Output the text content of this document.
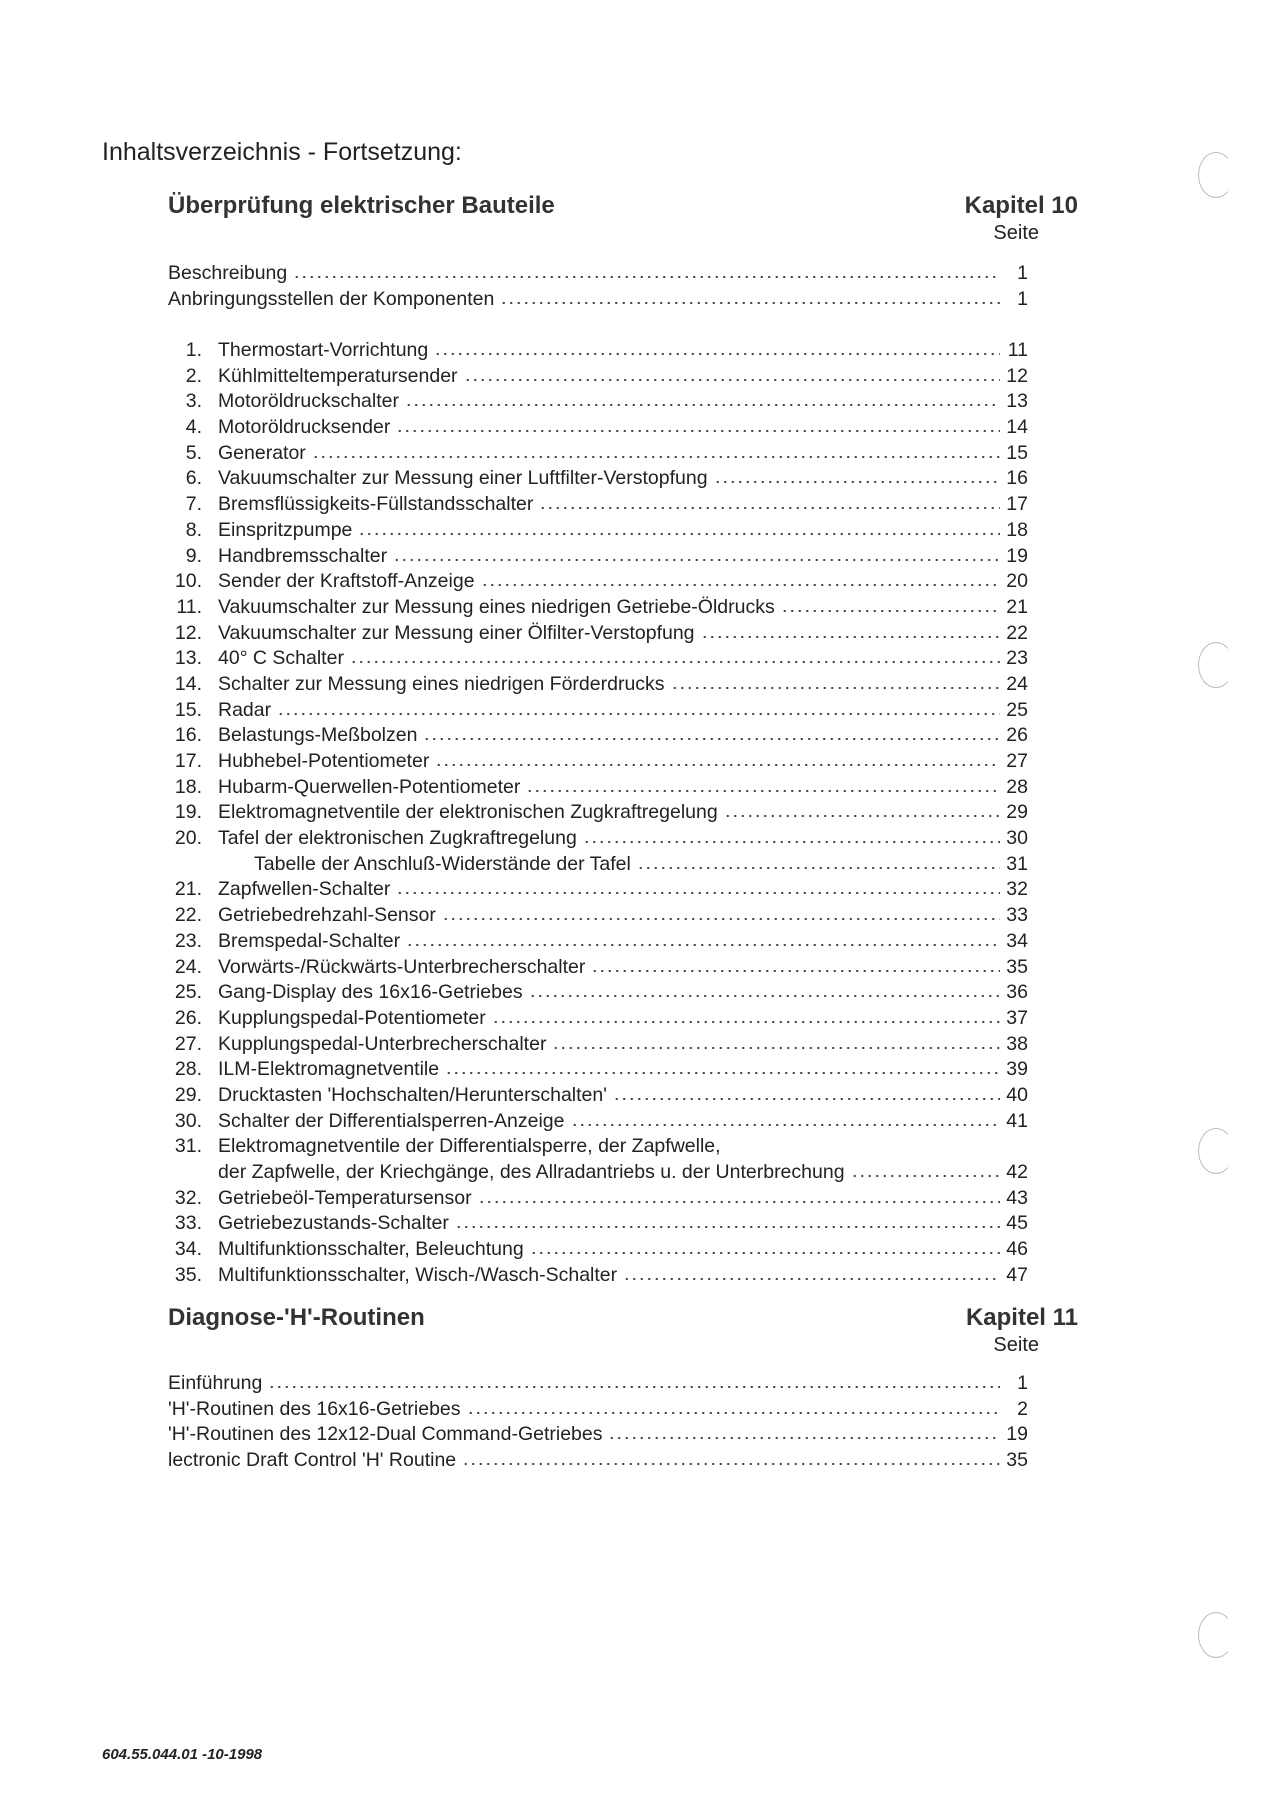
Inhaltsverzeichnis - Fortsetzung:
Überprüfung elektrischer Bauteile	Kapitel 10
Seite
Beschreibung	1
Anbringungsstellen der Komponenten	1
1. Thermostart-Vorrichtung	11
2. Kühlmitteltemperatursender	12
3. Motoröldruckschalter	13
4. Motoröldrucksender	14
5. Generator	15
6. Vakuumschalter zur Messung einer Luftfilter-Verstopfung	16
7. Bremsflüssigkeits-Füllstandsschalter	17
8. Einspritzpumpe	18
9. Handbremsschalter	19
10. Sender der Kraftstoff-Anzeige	20
11. Vakuumschalter zur Messung eines niedrigen Getriebe-Öldrucks	21
12. Vakuumschalter zur Messung einer Ölfilter-Verstopfung	22
13. 40° C Schalter	23
14. Schalter zur Messung eines niedrigen Förderdrucks	24
15. Radar	25
16. Belastungs-Meßbolzen	26
17. Hubhebel-Potentiometer	27
18. Hubarm-Querwellen-Potentiometer	28
19. Elektromagnetventile der elektronischen Zugkraftregelung	29
20. Tafel der elektronischen Zugkraftregelung	30
Tabelle der Anschluß-Widerstände der Tafel	31
21. Zapfwellen-Schalter	32
22. Getriebedrehzahl-Sensor	33
23. Bremspedal-Schalter	34
24. Vorwärts-/Rückwärts-Unterbrecherschalter	35
25. Gang-Display des 16x16-Getriebes	36
26. Kupplungspedal-Potentiometer	37
27. Kupplungspedal-Unterbrecherschalter	38
28. ILM-Elektromagnetventile	39
29. Drucktasten 'Hochschalten/Herunterschalten'	40
30. Schalter der Differentialsperren-Anzeige	41
31. Elektromagnetventile der Differentialsperre, der Zapfwelle,
der Zapfwelle, der Kriechgänge, des Allradantriebs u. der Unterbrechung	42
32. Getriebeöl-Temperatursensor	43
33. Getriebezustands-Schalter	45
34. Multifunktionsschalter, Beleuchtung	46
35. Multifunktionsschalter, Wisch-/Wasch-Schalter	47
Diagnose-'H'-Routinen	Kapitel 11
Seite
Einführung	1
'H'-Routinen des 16x16-Getriebes	2
'H'-Routinen des 12x12-Dual Command-Getriebes	19
lectronic Draft Control 'H' Routine	35
604.55.044.01 -10-1998
